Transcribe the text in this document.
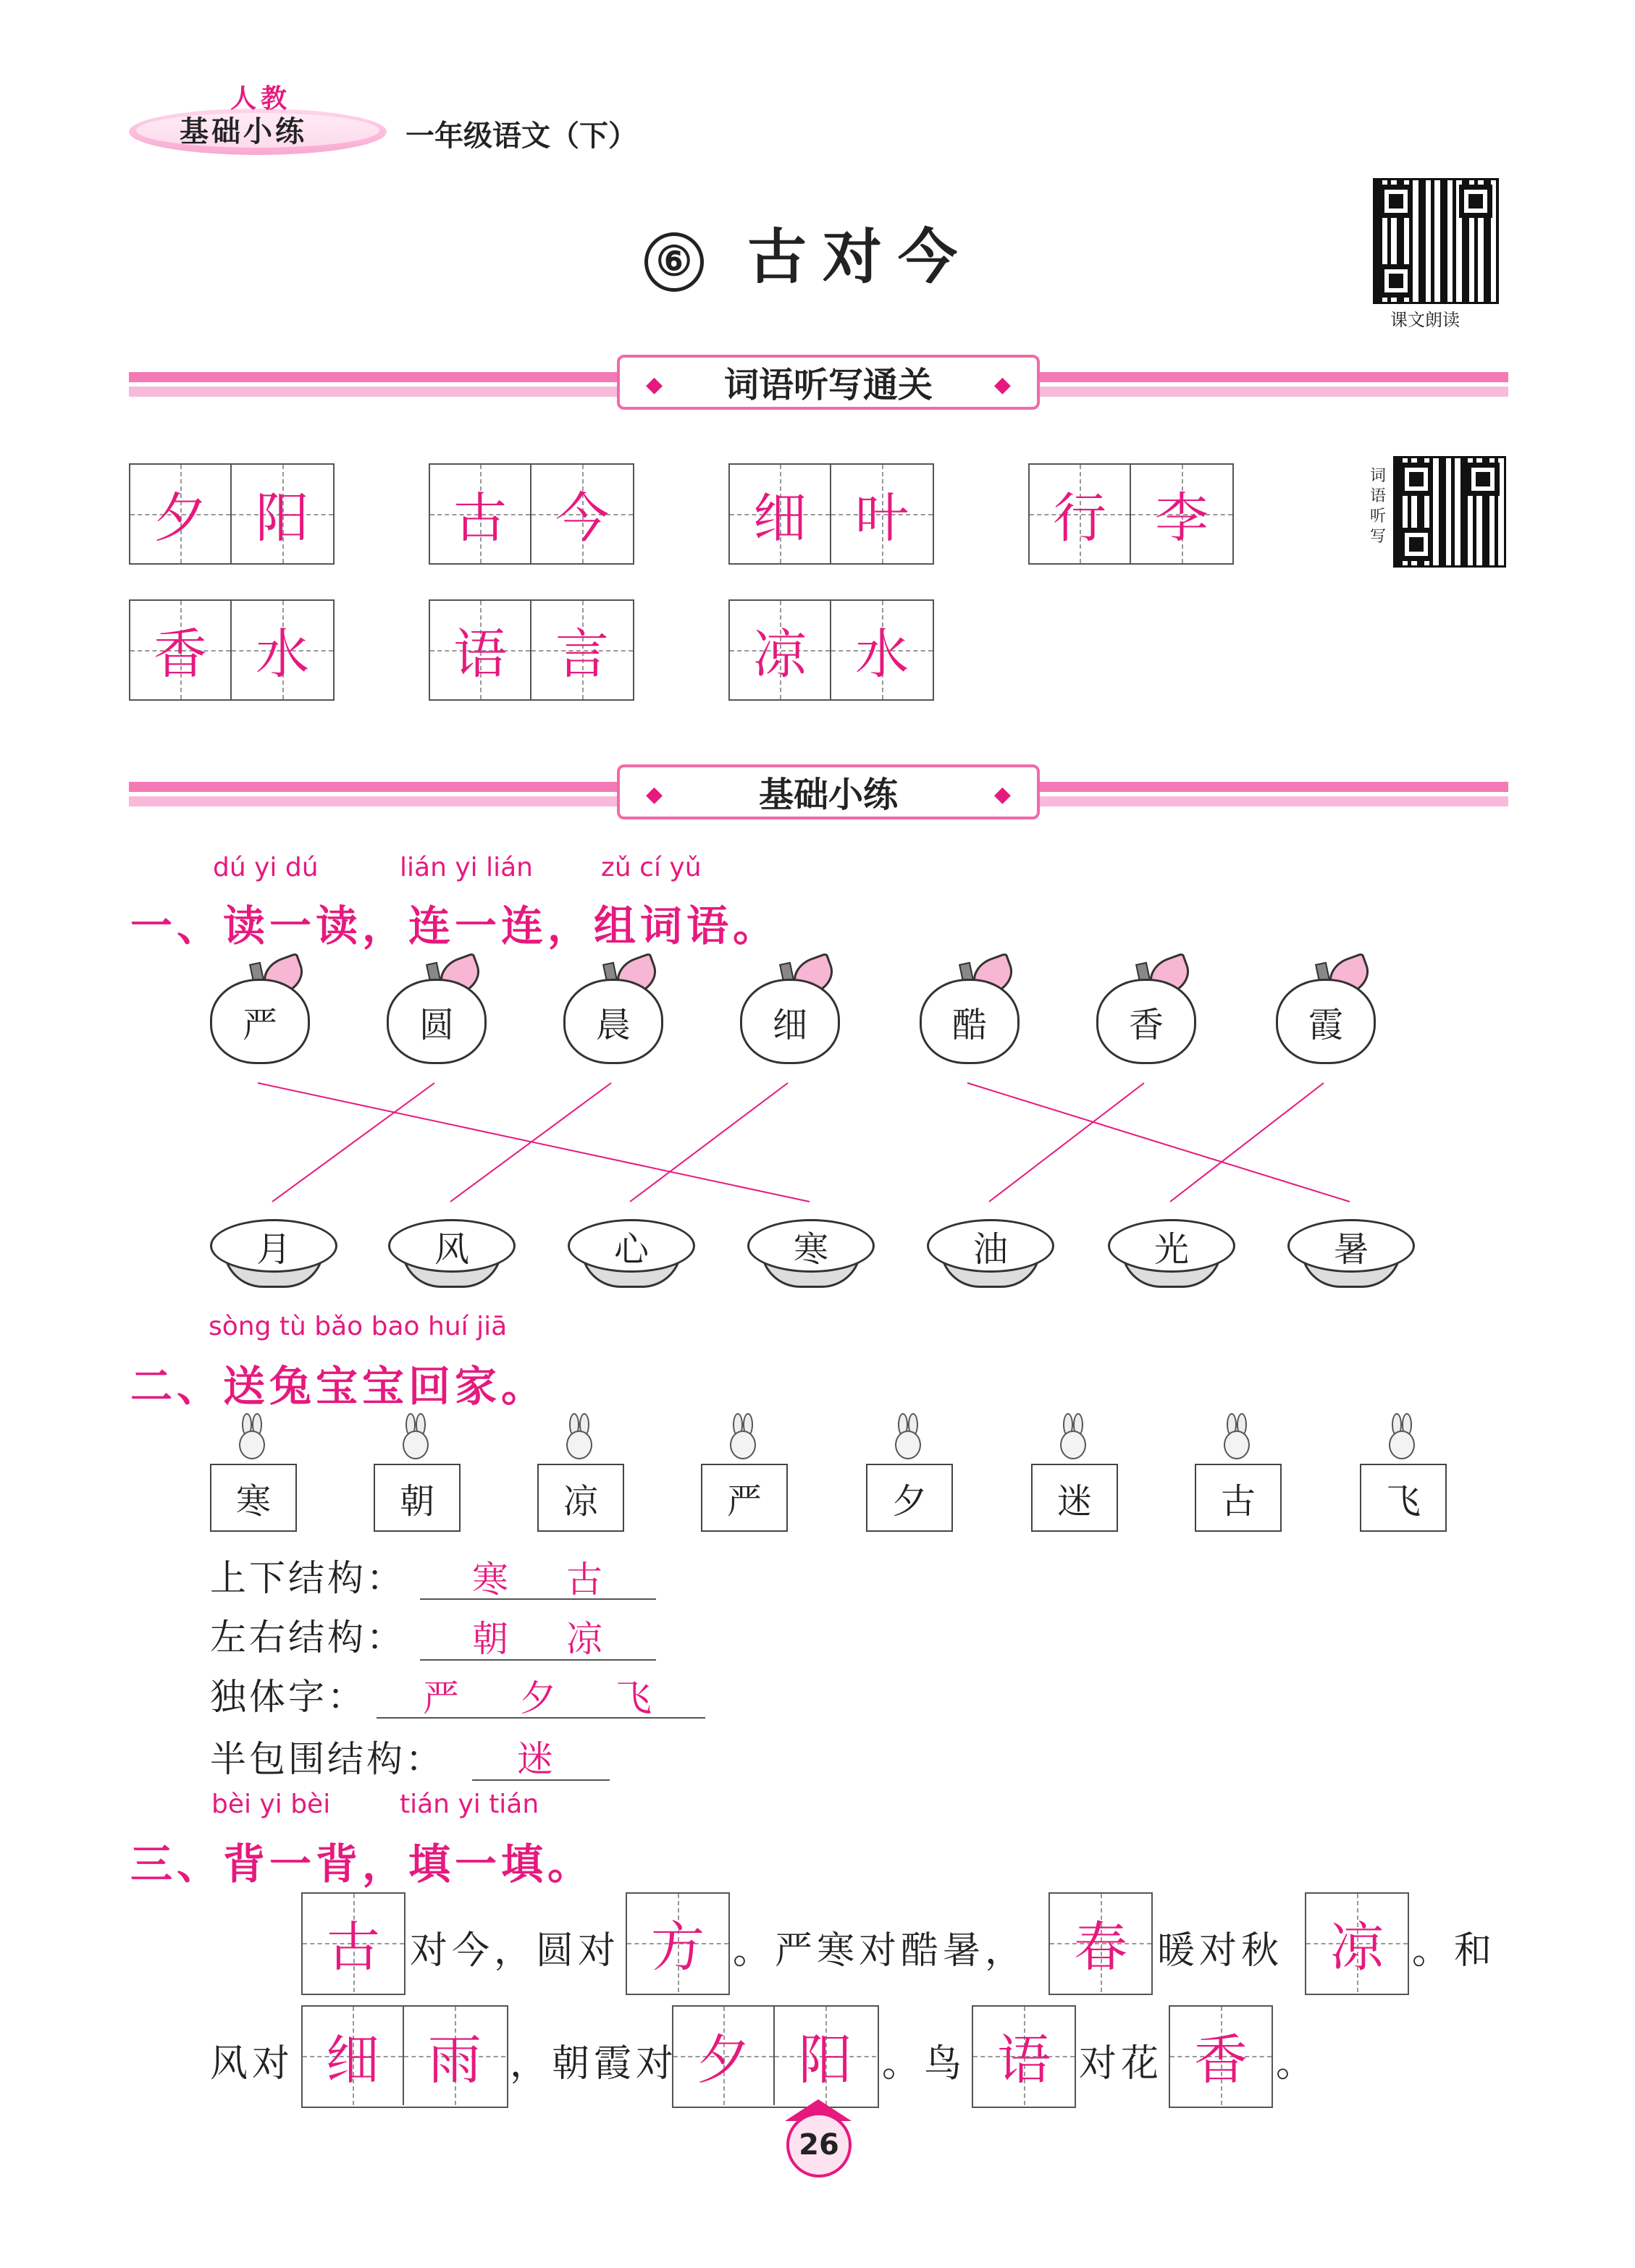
人教
基础小练	一年级语文（下）
⑥ 古对今
课文朗读
词语听写
◆ 词语听写通关	◆
夕 阳	古 今	细 叶	行 李
香 水	语 言	凉 水
◆	基础小练	◆
dú yi dú	lián yi lián	zǔ cí yǔ
一、读一读，连一连，组词语。
严	圆	晨	细	酷	香	霞
月	风	心	寒	油	光	暑
sòng tù bǎo bao huí jiā
二、送兔宝宝回家。
寒	朝	凉	严	夕	迷	古	飞
上下结构： 寒 古
左右结构： 朝 凉
独体字： 严 夕 飞
半包围结构： 迷
bèi yi bèi	tián yi tián
三、背一背，填一填。
古 对今，圆对 方 。严寒对酷暑， 春 暖对秋 凉 。和
风对 细 雨 ，朝霞对 夕 阳 。鸟 语 对花 香 。
26
